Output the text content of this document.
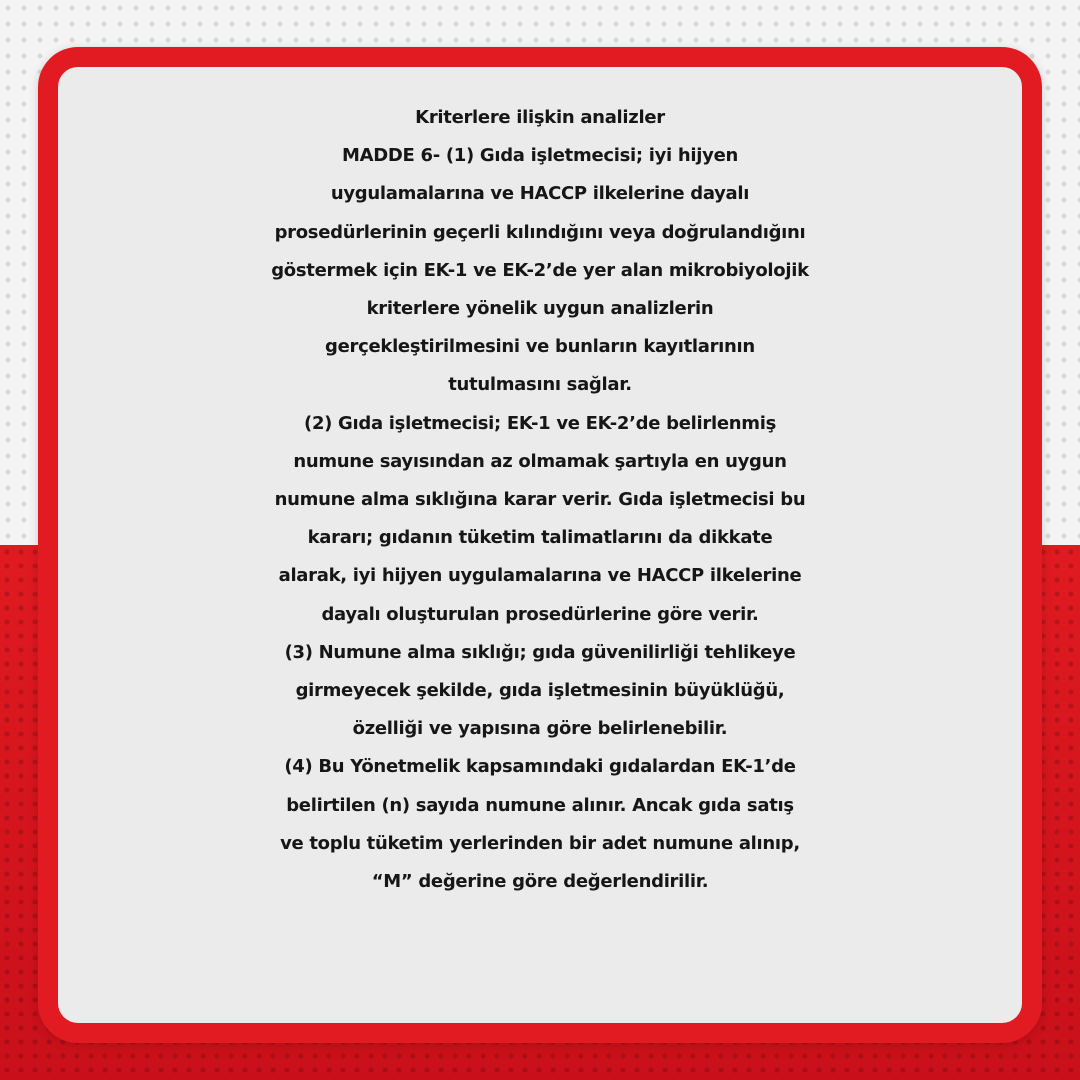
Kriterlere ilişkin analizler
MADDE 6- (1) Gıda işletmecisi; iyi hijyen
uygulamalarına ve HACCP ilkelerine dayalı
prosedürlerinin geçerli kılındığını veya doğrulandığını
göstermek için EK-1 ve EK-2’de yer alan mikrobiyolojik
kriterlere yönelik uygun analizlerin
gerçekleştirilmesini ve bunların kayıtlarının
tutulmasını sağlar.
(2) Gıda işletmecisi; EK-1 ve EK-2’de belirlenmiş
numune sayısından az olmamak şartıyla en uygun
numune alma sıklığına karar verir. Gıda işletmecisi bu
kararı; gıdanın tüketim talimatlarını da dikkate
alarak, iyi hijyen uygulamalarına ve HACCP ilkelerine
dayalı oluşturulan prosedürlerine göre verir.
(3) Numune alma sıklığı; gıda güvenilirliği tehlikeye
girmeyecek şekilde, gıda işletmesinin büyüklüğü,
özelliği ve yapısına göre belirlenebilir.
(4) Bu Yönetmelik kapsamındaki gıdalardan EK-1’de
belirtilen (n) sayıda numune alınır. Ancak gıda satış
ve toplu tüketim yerlerinden bir adet numune alınıp,
“M” değerine göre değerlendirilir.
